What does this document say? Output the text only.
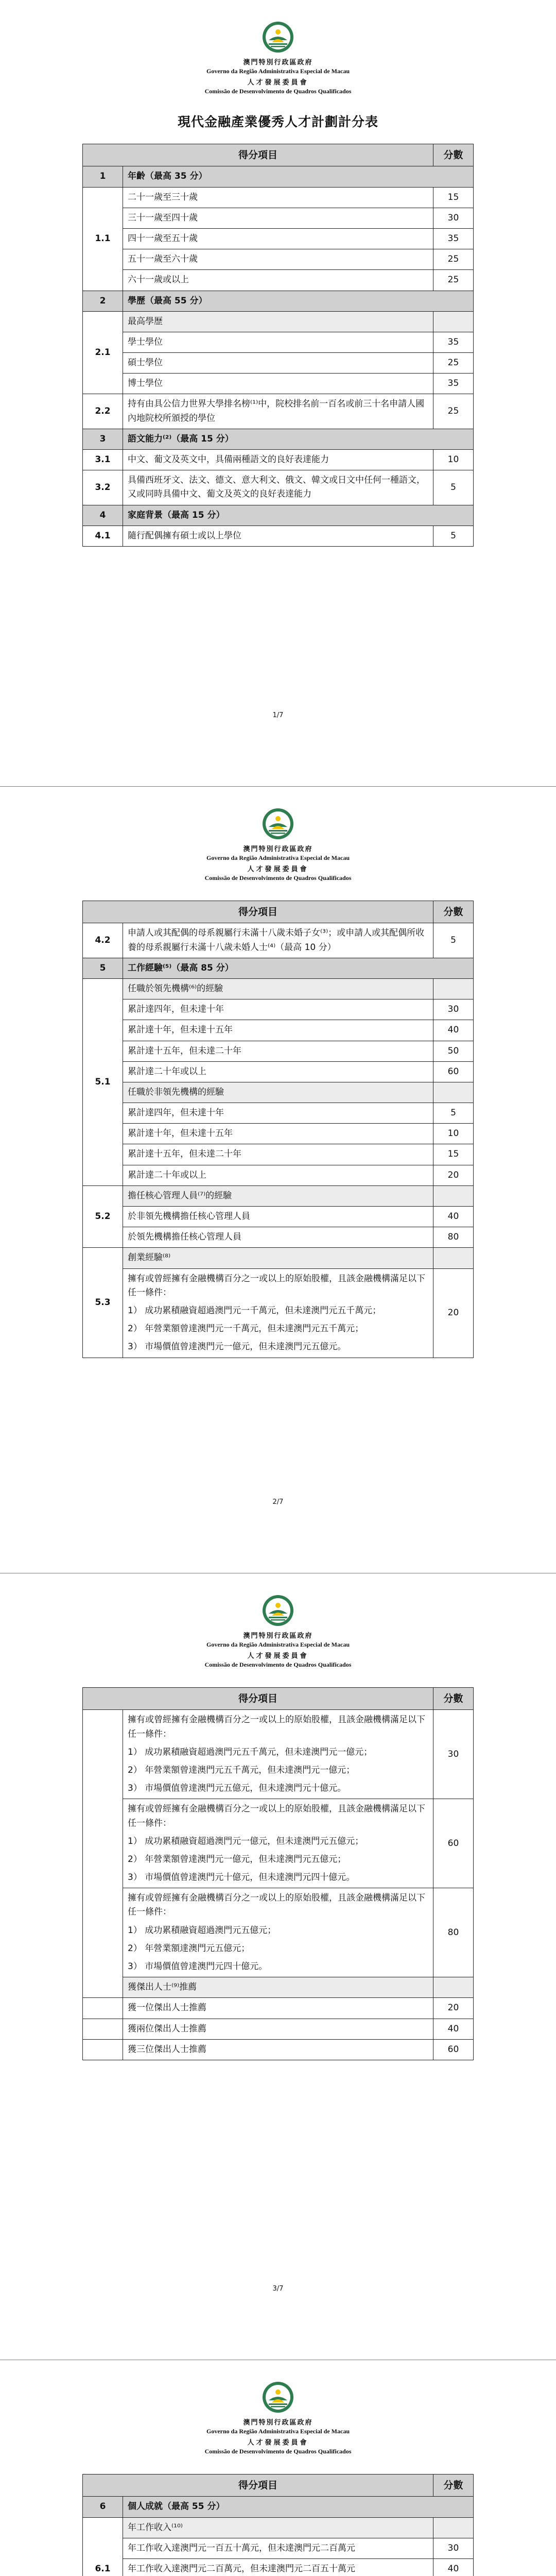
澳門特別行政區政府
Governo da Região Administrativa Especial de Macau
人才發展委員會
Comissão de Desenvolvimento de Quadros Qualificados
現代金融產業優秀人才計劃計分表
得分項目		分數
1	年齡（最高 35 分）	
1.1	二十一歲至三十歲	15
	三十一歲至四十歲	30
	四十一歲至五十歲	35
	五十一歲至六十歲	25
	六十一歲或以上	25
2	學歷（最高 55 分）	
2.1	最高學歷	
	學士學位	35
	碩士學位	25
	博士學位	35
2.2	持有由具公信力世界大學排名榜⁽¹⁾中，院校排名前一百名或前三十名申請人國內地院校所頒授的學位	25
3	語文能力⁽²⁾（最高 15 分）	
3.1	中文、葡文及英文中，具備兩種語文的良好表達能力	10
3.2	具備西班牙文、法文、德文、意大利文、俄文、韓文或日文中任何一種語文，又或同時具備中文、葡文及英文的良好表達能力	5
4	家庭背景（最高 15 分）	
4.1	隨行配偶擁有碩士或以上學位	5
1/7
澳門特別行政區政府
Governo da Região Administrativa Especial de Macau
人才發展委員會
Comissão de Desenvolvimento de Quadros Qualificados
得分項目		分數
4.2	申請人或其配偶的母系親屬行未滿十八歲未婚子女⁽³⁾；或申請人或其配偶所收養的母系親屬行未滿十八歲未婚人士⁽⁴⁾（最高 10 分）	5
5	工作經驗⁽⁵⁾（最高 85 分）	
5.1	任職於領先機構⁽⁶⁾的經驗	
	累計達四年，但未達十年	30
	累計達十年，但未達十五年	40
	累計達十五年，但未達二十年	50
	累計達二十年或以上	60
	任職於非領先機構的經驗	
	累計達四年，但未達十年	5
	累計達十年，但未達十五年	10
	累計達十五年，但未達二十年	15
	累計達二十年或以上	20
5.2	擔任核心管理人員⁽⁷⁾的經驗	
	於非領先機構擔任核心管理人員	40
	於領先機構擔任核心管理人員	80
5.3	創業經驗⁽⁸⁾	
	擁有或曾經擁有金融機構百分之一或以上的原始股權，且該金融機構滿足以下任一條件：
1） 成功累積融資超過澳門元一千萬元，但未達澳門元五千萬元；
2） 年營業額曾達澳門元一千萬元，但未達澳門元五千萬元；
3） 市場價值曾達澳門元一億元，但未達澳門元五億元。	20
2/7
澳門特別行政區政府
Governo da Região Administrativa Especial de Macau
人才發展委員會
Comissão de Desenvolvimento de Quadros Qualificados
得分項目		分數
	擁有或曾經擁有金融機構百分之一或以上的原始股權，且該金融機構滿足以下任一條件：
1） 成功累積融資超過澳門元五千萬元，但未達澳門元一億元；
2） 年營業額曾達澳門元五千萬元，但未達澳門元一億元；
3） 市場價值曾達澳門元五億元，但未達澳門元十億元。	30
	擁有或曾經擁有金融機構百分之一或以上的原始股權，且該金融機構滿足以下任一條件：
1） 成功累積融資超過澳門元一億元，但未達澳門元五億元；
2） 年營業額曾達澳門元一億元，但未達澳門元五億元；
3） 市場價值曾達澳門元十億元，但未達澳門元四十億元。	60
	擁有或曾經擁有金融機構百分之一或以上的原始股權，且該金融機構滿足以下任一條件：
1） 成功累積融資超過澳門元五億元；
2） 年營業額達澳門元五億元；
3） 市場價值曾達澳門元四十億元。	80
	獲傑出人士⁽⁹⁾推薦	
	獲一位傑出人士推薦	20
	獲兩位傑出人士推薦	40
	獲三位傑出人士推薦	60
3/7
澳門特別行政區政府
Governo da Região Administrativa Especial de Macau
人才發展委員會
Comissão de Desenvolvimento de Quadros Qualificados
得分項目		分數
6	個人成就（最高 55 分）	
6.1	年工作收入⁽¹⁰⁾	
	年工作收入達澳門元一百五十萬元，但未達澳門元二百萬元	30
	年工作收入達澳門元二百萬元，但未達澳門元二百五十萬元	40
